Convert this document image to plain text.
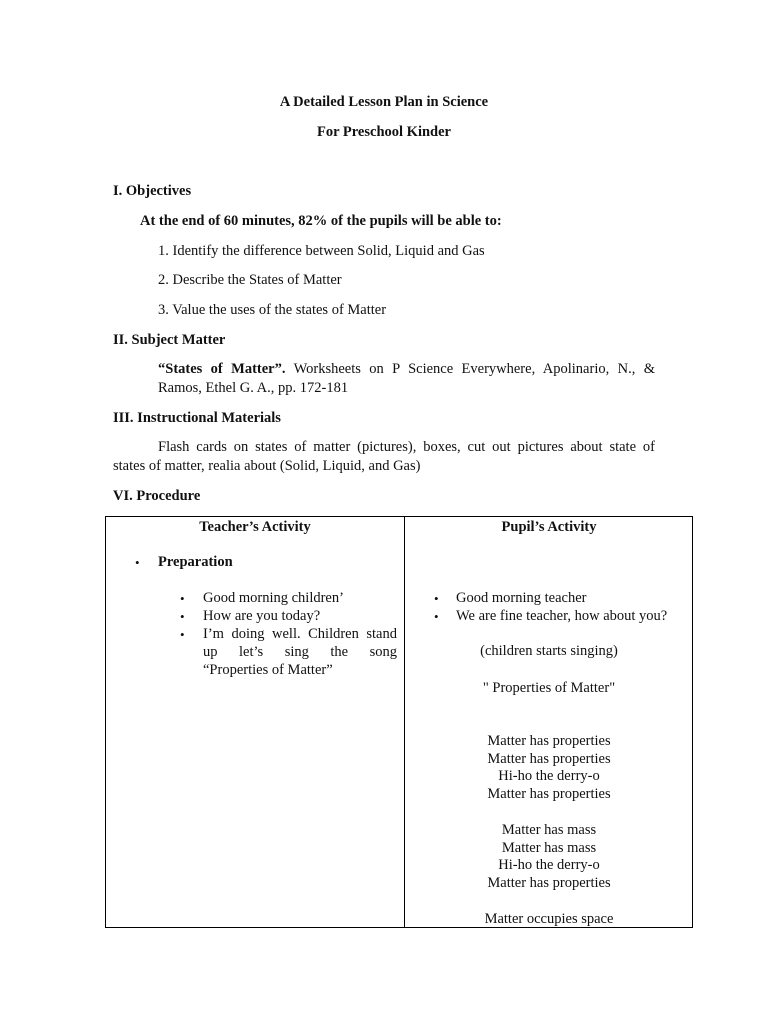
A Detailed Lesson Plan in Science
For Preschool Kinder
I. Objectives
At the end of 60 minutes, 82% of the pupils will be able to:
1. Identify the difference between Solid, Liquid and Gas
2. Describe the States of Matter
3. Value the uses of the states of Matter
II. Subject Matter
“States of Matter”. Worksheets on P Science Everywhere, Apolinario, N., &
Ramos, Ethel G. A., pp. 172-181
III. Instructional Materials
Flash cards on states of matter (pictures), boxes, cut out pictures about state of
states of matter, realia about (Solid, Liquid, and Gas)
VI. Procedure
Teacher’s Activity
• Preparation
• Good morning children’
• How are you today?
• I’m doing well. Children stand
up let’s sing the song
“Properties of Matter”
Pupil’s Activity
• Good morning teacher
• We are fine teacher, how about you?
(children starts singing)
" Properties of Matter"
Matter has properties
Matter has properties
Hi-ho the derry-o
Matter has properties
Matter has mass
Matter has mass
Hi-ho the derry-o
Matter has properties
Matter occupies space
